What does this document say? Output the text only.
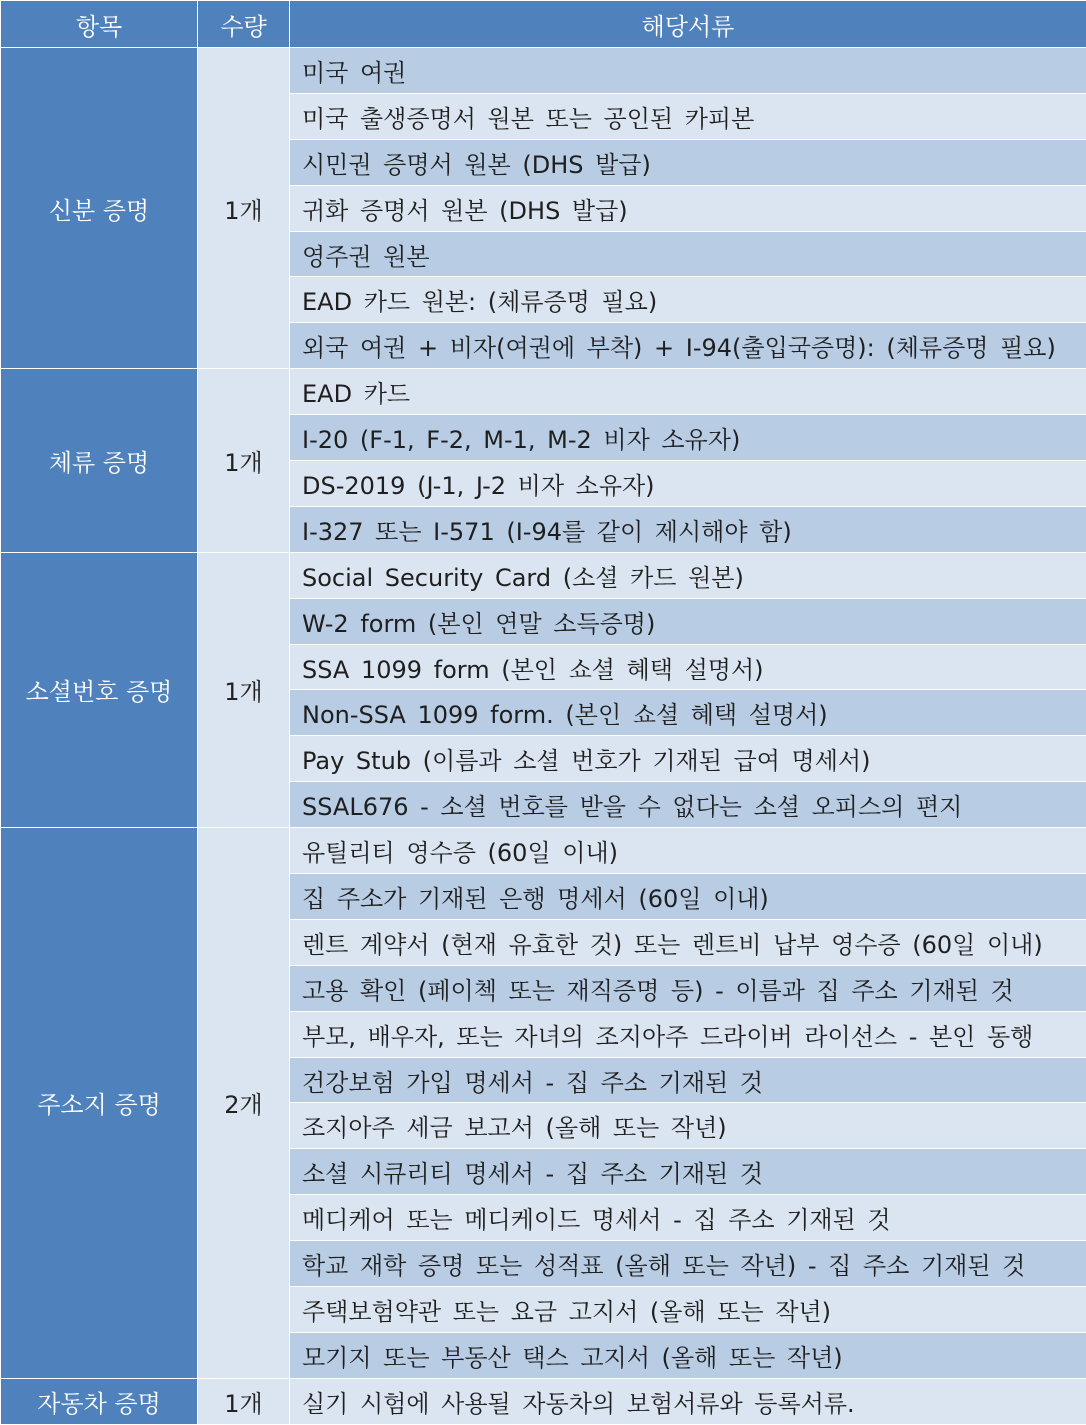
항목	수량	해당서류
신분 증명	1개	미국 여권
		미국 출생증명서 원본 또는 공인된 카피본
		시민권 증명서 원본 (DHS 발급)
		귀화 증명서 원본 (DHS 발급)
		영주권 원본
		EAD 카드 원본: (체류증명 필요)
		외국 여권 + 비자(여권에 부착) + I-94(출입국증명): (체류증명 필요)
체류 증명	1개	EAD 카드
		I-20 (F-1, F-2, M-1, M-2 비자 소유자)
		DS-2019 (J-1, J-2 비자 소유자)
		I-327 또는 I-571 (I-94를 같이 제시해야 함)
소셜번호 증명	1개	Social Security Card (소셜 카드 원본)
		W-2 form (본인 연말 소득증명)
		SSA 1099 form (본인 쇼셜 혜택 설명서)
		Non-SSA 1099 form. (본인 쇼셜 혜택 설명서)
		Pay Stub (이름과 소셜 번호가 기재된 급여 명세서)
		SSAL676 - 소셜 번호를 받을 수 없다는 소셜 오피스의 편지
주소지 증명	2개	유틸리티 영수증 (60일 이내)
		집 주소가 기재된 은행 명세서 (60일 이내)
		렌트 계약서 (현재 유효한 것) 또는 렌트비 납부 영수증 (60일 이내)
		고용 확인 (페이첵 또는 재직증명 등) - 이름과 집 주소 기재된 것
		부모, 배우자, 또는 자녀의 조지아주 드라이버 라이선스 - 본인 동행
		건강보험 가입 명세서 - 집 주소 기재된 것
		조지아주 세금 보고서 (올해 또는 작년)
		소셜 시큐리티 명세서 - 집 주소 기재된 것
		메디케어 또는 메디케이드 명세서 - 집 주소 기재된 것
		학교 재학 증명 또는 성적표 (올해 또는 작년) - 집 주소 기재된 것
		주택보험약관 또는 요금 고지서 (올해 또는 작년)
		모기지 또는 부동산 택스 고지서 (올해 또는 작년)
자동차 증명	1개	실기 시험에 사용될 자동차의 보험서류와 등록서류.
